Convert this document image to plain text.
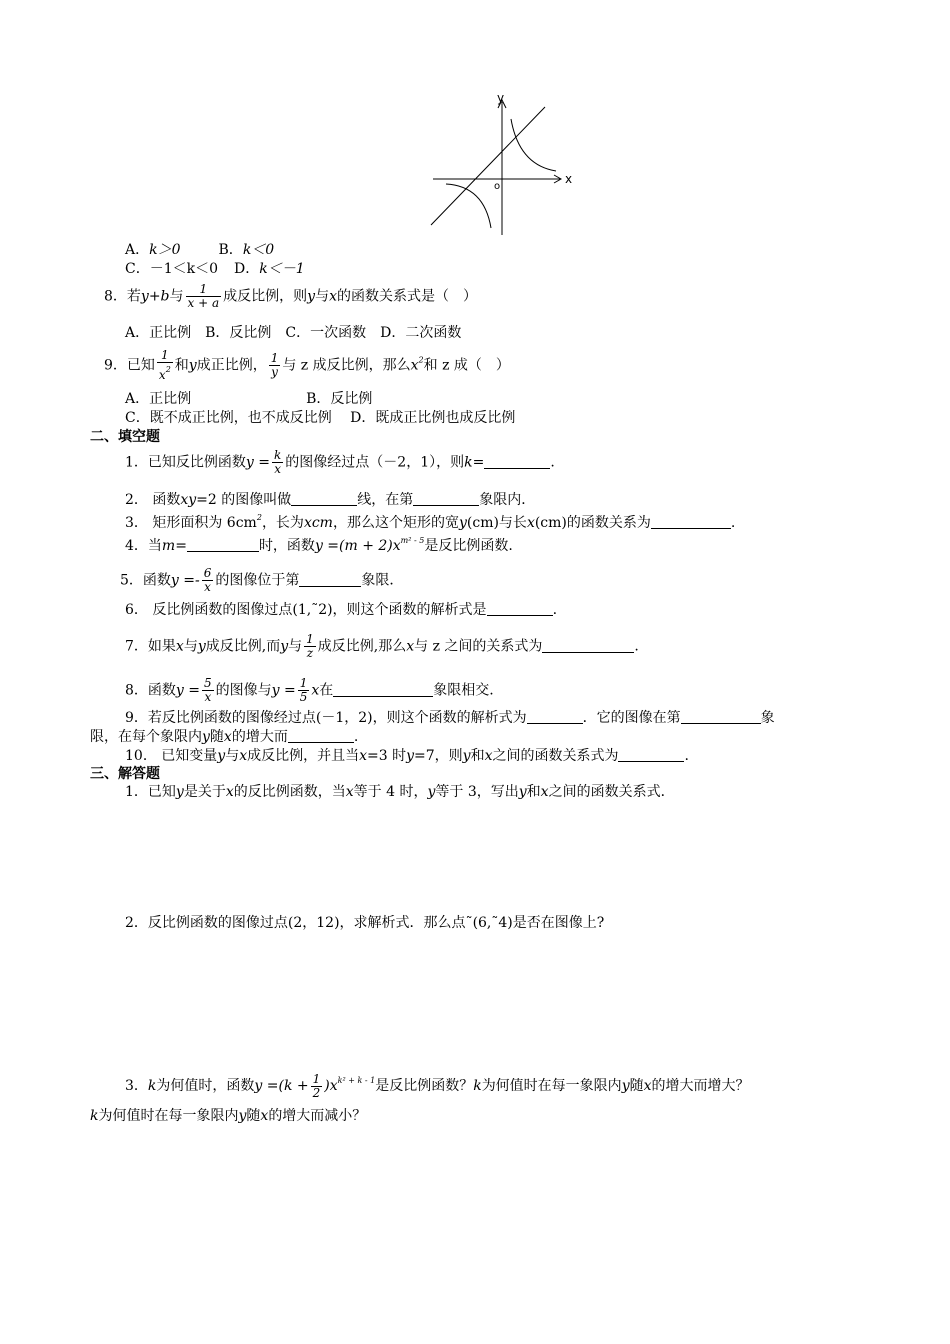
y
x
o
A．k＞0	B．k＜0
C．－1＜k＜0 D．k＜－1
8．若y+b与 $\frac{1}{x + a}$ 成反比例，则y与x的函数关系式是（　）
A．正比例　B．反比例　C．一次函数　D．二次函数
9．已知 $\frac{1}{x^2}$ 和y成正比例， $\frac{1}{y}$ 与 z 成反比例，那么$x^2$和 z 成（　）
A．正比例	B．反比例
C．既不成正比例，也不成反比例　 D．既成正比例也成反比例
二、填空题
1．已知反比例函数$y = \frac{k}{x}$ 的图像经过点（－2，1），则k=	.
2． 函数xy=2 的图像叫做	线，在第	象限内．
3． 矩形面积为 $6cm^2$，长为xcm，那么这个矩形的宽y(cm)与长x(cm)的函数关系为	.
4．当m=	时，函数$y =(m + 2)x^{m^2 - 5}$是反比例函数.
5．函数$y =- \frac{6}{x}$ 的图像位于第	象限．
6． 反比例函数的图像过点(1,˜2)，则这个函数的解析式是	.
7．如果x与y成反比例,而y与 $\frac{1}{z}$ 成反比例,那么x与 z 之间的关系式为	.
8．函数$y = \frac{5}{x}$ 的图像与$y = \frac{1}{5}$ x在	象限相交.
9．若反比例函数的图像经过点(－1，2)，则这个函数的解析式为	．它的图像在第	象
限，在每个象限内y随x的增大而	.
10． 已知变量y与x成反比例，并且当x=3 时y=7，则y和x之间的函数关系式为	.
三、解答题
1．已知y是关于x的反比例函数，当x等于 4 时，y等于 3，写出y和x之间的函数关系式．
2．反比例函数的图像过点(2，12)，求解析式．那么点˜(6,˜4)是否在图像上?
3．k为何值时，函数$y =(k + \frac{1}{2} )x^{k^2 + k - 1}$是反比例函数？k为何值时在每一象限内y随x的增大而增大？
k为何值时在每一象限内y随x的增大而减小？
